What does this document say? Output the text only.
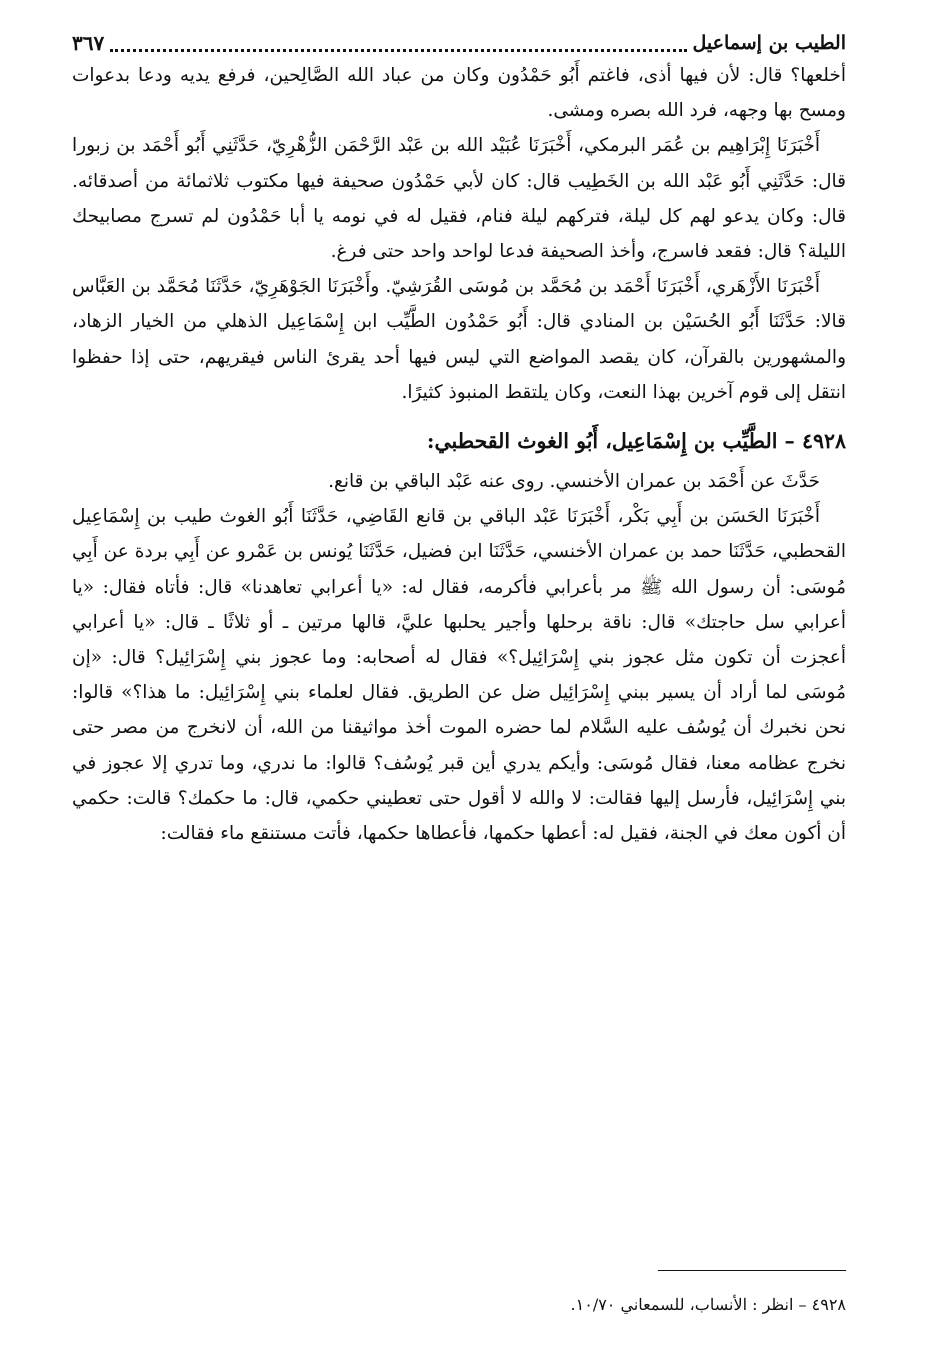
الطيب بن إسماعيل
٣٦٧

أخلعها؟ قال: لأن فيها أذى، فاغتم أَبُو حَمْدُون وكان من عباد الله الصَّالِحين، فرفع يديه ودعا بدعوات ومسح بها وجهه، فرد الله بصره ومشى.

أَخْبَرَنَا إِبْرَاهِيم بن عُمَر البرمكي، أَخْبَرَنَا عُبَيْد الله بن عَبْد الرَّحْمَن الزُّهْرِيّ، حَدَّثَنِي أَبُو أَحْمَد بن زبورا قال: حَدَّثَنِي أَبُو عَبْد الله بن الخَطِيب قال: كان لأبي حَمْدُون صحيفة فيها مكتوب ثلاثمائة من أصدقائه. قال: وكان يدعو لهم كل ليلة، فتركهم ليلة فنام، فقيل له في نومه يا أبا حَمْدُون لم تسرج مصابيحك الليلة؟ قال: فقعد فاسرج، وأخذ الصحيفة فدعا لواحد واحد حتى فرغ.

أَخْبَرَنَا الأَزْهَري، أَخْبَرَنَا أَحْمَد بن مُحَمَّد بن مُوسَى القُرَشِيّ. وأَخْبَرَنَا الجَوْهَرِيّ، حَدَّثَنَا مُحَمَّد بن العَبَّاس قالا: حَدَّثَنَا أَبُو الحُسَيْن بن المنادي قال: أَبُو حَمْدُون الطَّيِّب ابن إِسْمَاعِيل الذهلي من الخيار الزهاد، والمشهورين بالقرآن، كان يقصد المواضع التي ليس فيها أحد يقرئ الناس فيقريهم، حتى إذا حفظوا انتقل إلى قوم آخرين بهذا النعت، وكان يلتقط المنبوذ كثيرًا.

٤٩٢٨ – الطَّيِّب بن إِسْمَاعِيل، أَبُو الغوث القحطبي:

حَدَّثَ عن أَحْمَد بن عمران الأخنسي. روى عنه عَبْد الباقي بن قانع.

أَخْبَرَنَا الحَسَن بن أَبِي بَكْر، أَخْبَرَنَا عَبْد الباقي بن قانع القَاضِي، حَدَّثَنَا أَبُو الغوث طيب بن إِسْمَاعِيل القحطبي، حَدَّثَنَا حمد بن عمران الأخنسي، حَدَّثَنَا ابن فضيل، حَدَّثَنَا يُونس بن عَمْرو عن أَبِي بردة عن أَبِي مُوسَى: أن رسول الله ﷺ مر بأعرابي فأكرمه، فقال له: «يا أعرابي تعاهدنا» قال: فأتاه فقال: «يا أعرابي سل حاجتك» قال: ناقة برحلها وأجير يحلبها عليَّ، قالها مرتين ـ أو ثلاثًا ـ قال: «يا أعرابي أعجزت أن تكون مثل عجوز بني إِسْرَائِيل؟» فقال له أصحابه: وما عجوز بني إِسْرَائِيل؟ قال: «إن مُوسَى لما أراد أن يسير ببني إِسْرَائِيل ضل عن الطريق. فقال لعلماء بني إِسْرَائِيل: ما هذا؟» قالوا: نحن نخبرك أن يُوسُف عليه السَّلام لما حضره الموت أخذ مواثيقنا من الله، أن لانخرج من مصر حتى نخرج عظامه معنا، فقال مُوسَى: وأيكم يدري أين قبر يُوسُف؟ قالوا: ما ندري، وما تدري إلا عجوز في بني إِسْرَائِيل، فأرسل إليها فقالت: لا والله لا أقول حتى تعطيني حكمي، قال: ما حكمك؟ قالت: حكمي أن أكون معك في الجنة، فقيل له: أعطها حكمها، فأعطاها حكمها، فأتت مستنقع ماء فقالت:

٤٩٢٨ – انظر : الأنساب، للسمعاني ١٠/٧٠.
